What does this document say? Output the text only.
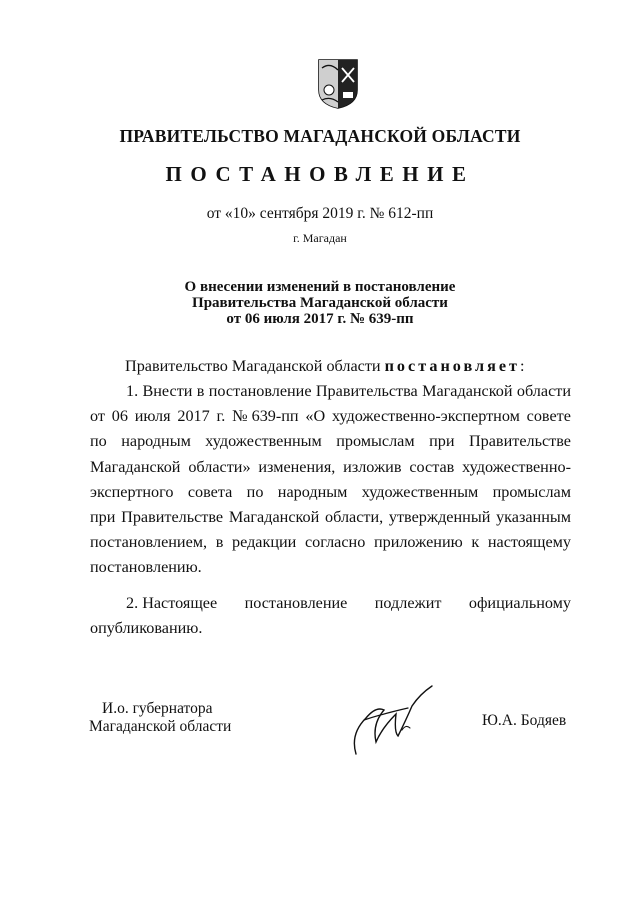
ПРАВИТЕЛЬСТВО МАГАДАНСКОЙ ОБЛАСТИ
ПОСТАНОВЛЕНИЕ
от «10» сентября 2019 г. № 612-пп
г. Магадан
О внесении изменений в постановление
Правительства Магаданской области
от 06 июля 2017 г. № 639-пп
Правительство Магаданской области постановляет:
1. Внести в постановление Правительства Магаданской области
от 06 июля 2017 г. № 639-пп «О художественно-экспертном совете
по народным художественным промыслам при Правительстве
Магаданской области» изменения, изложив состав художественно-
экспертного совета по народным художественным промыслам
при Правительстве Магаданской области, утвержденный указанным
постановлением, в редакции согласно приложению к настоящему
постановлению.
2. Настоящее постановление подлежит официальному
опубликованию.
И.о. губернатора
Магаданской области	Ю.А. Бодяев
